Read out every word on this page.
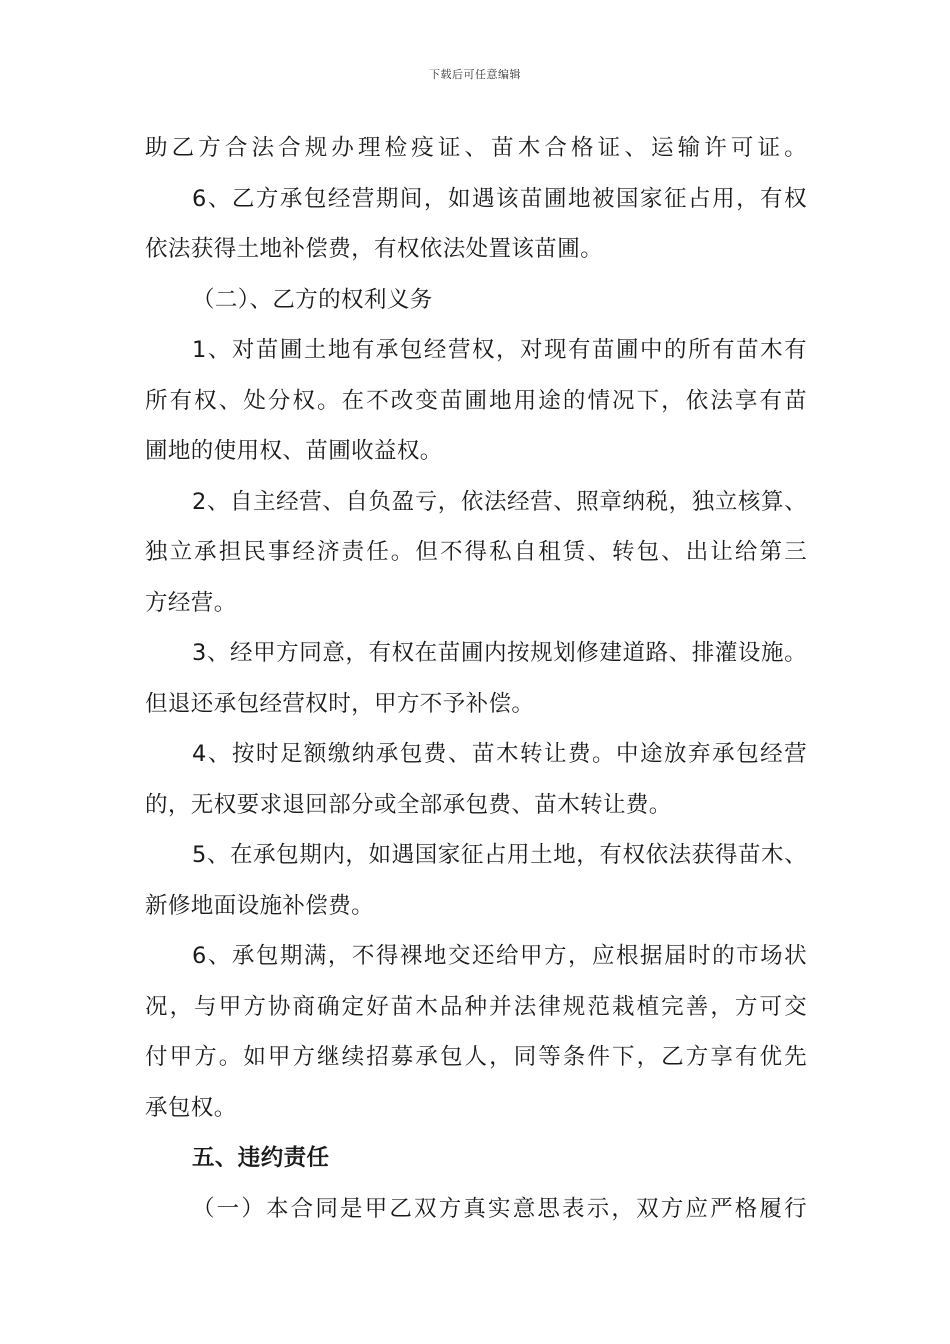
下载后可任意编辑
助乙方合法合规办理检疫证、苗木合格证、运输许可证。
6、乙方承包经营期间，如遇该苗圃地被国家征占用，有权
依法获得土地补偿费，有权依法处置该苗圃。
（二）、乙方的权利义务
1、对苗圃土地有承包经营权，对现有苗圃中的所有苗木有
所有权、处分权。在不改变苗圃地用途的情况下，依法享有苗
圃地的使用权、苗圃收益权。
2、自主经营、自负盈亏，依法经营、照章纳税，独立核算、
独立承担民事经济责任。但不得私自租赁、转包、出让给第三
方经营。
3、经甲方同意，有权在苗圃内按规划修建道路、排灌设施。
但退还承包经营权时，甲方不予补偿。
4、按时足额缴纳承包费、苗木转让费。中途放弃承包经营
的，无权要求退回部分或全部承包费、苗木转让费。
5、在承包期内，如遇国家征占用土地，有权依法获得苗木、
新修地面设施补偿费。
6、承包期满，不得裸地交还给甲方，应根据届时的市场状
况，与甲方协商确定好苗木品种并法律规范栽植完善，方可交
付甲方。如甲方继续招募承包人，同等条件下，乙方享有优先
承包权。
五、违约责任
（一）本合同是甲乙双方真实意思表示，双方应严格履行
